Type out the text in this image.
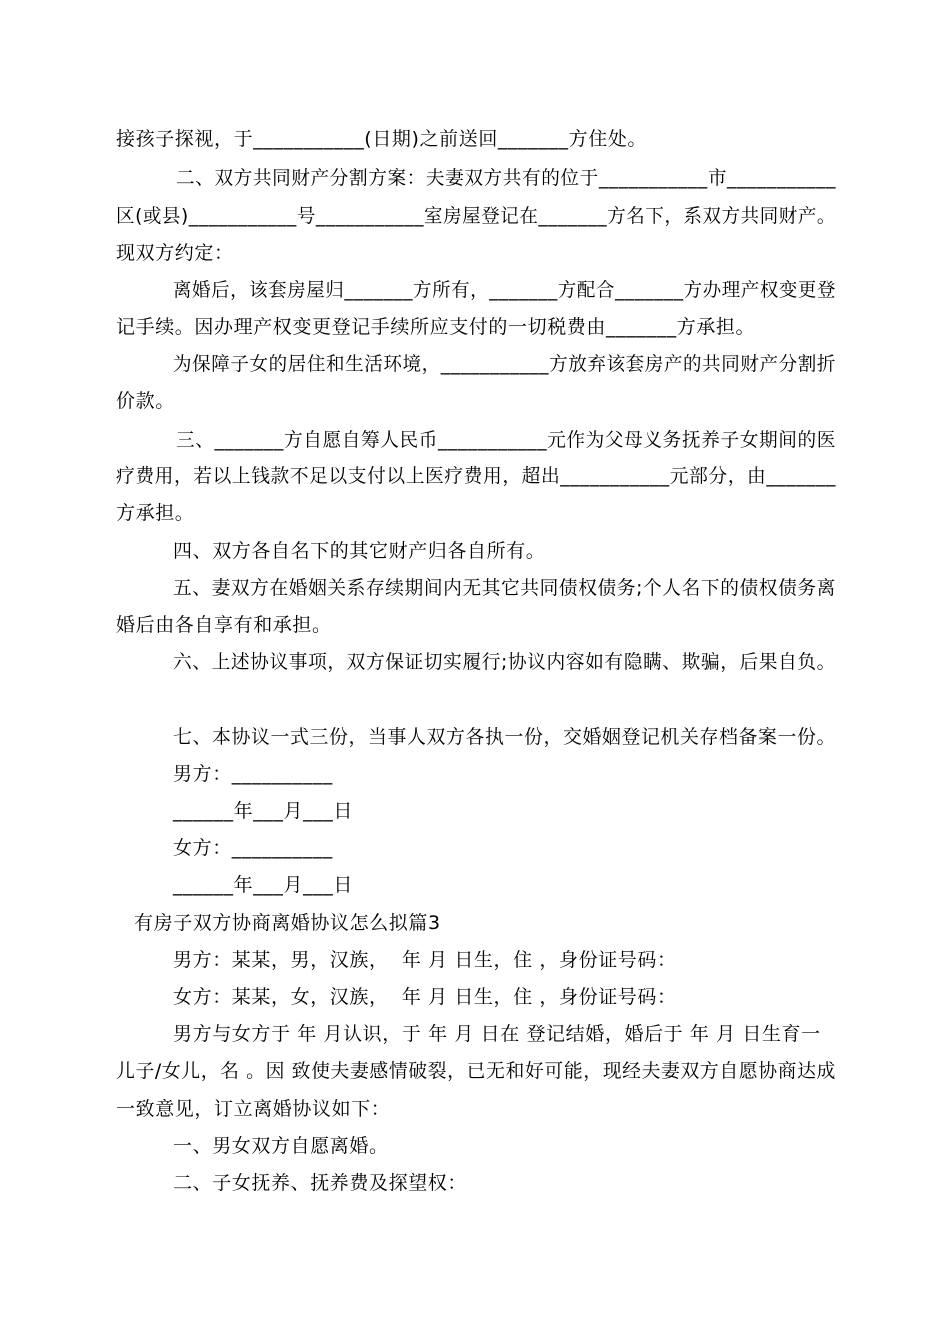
接孩子探视，于___________(日期)之前送回_______方住处。
二、双方共同财产分割方案：夫妻双方共有的位于___________市___________
区(或县)___________号___________室房屋登记在_______方名下，系双方共同财产。
现双方约定：
离婚后，该套房屋归_______方所有，_______方配合_______方办理产权变更登
记手续。因办理产权变更登记手续所应支付的一切税费由_______方承担。
为保障子女的居住和生活环境，___________方放弃该套房产的共同财产分割折
价款。
三、_______方自愿自筹人民币___________元作为父母义务抚养子女期间的医
疗费用，若以上钱款不足以支付以上医疗费用，超出___________元部分，由_______
方承担。
四、双方各自名下的其它财产归各自所有。
五、妻双方在婚姻关系存续期间内无其它共同债权债务;个人名下的债权债务离
婚后由各自享有和承担。
六、上述协议事项，双方保证切实履行;协议内容如有隐瞒、欺骗，后果自负。
七、本协议一式三份，当事人双方各执一份，交婚姻登记机关存档备案一份。
男方：__________
______年___月___日
女方：__________
______年___月___日
有房子双方协商离婚协议怎么拟篇3
男方：某某，男，汉族，  年 月 日生，住 ，身份证号码：
女方：某某，女，汉族，  年 月 日生，住 ，身份证号码：
男方与女方于 年 月认识，于 年 月 日在 登记结婚，婚后于 年 月 日生育一
儿子/女儿，名 。因 致使夫妻感情破裂，已无和好可能，现经夫妻双方自愿协商达成
一致意见，订立离婚协议如下：
一、男女双方自愿离婚。
二、子女抚养、抚养费及探望权：
